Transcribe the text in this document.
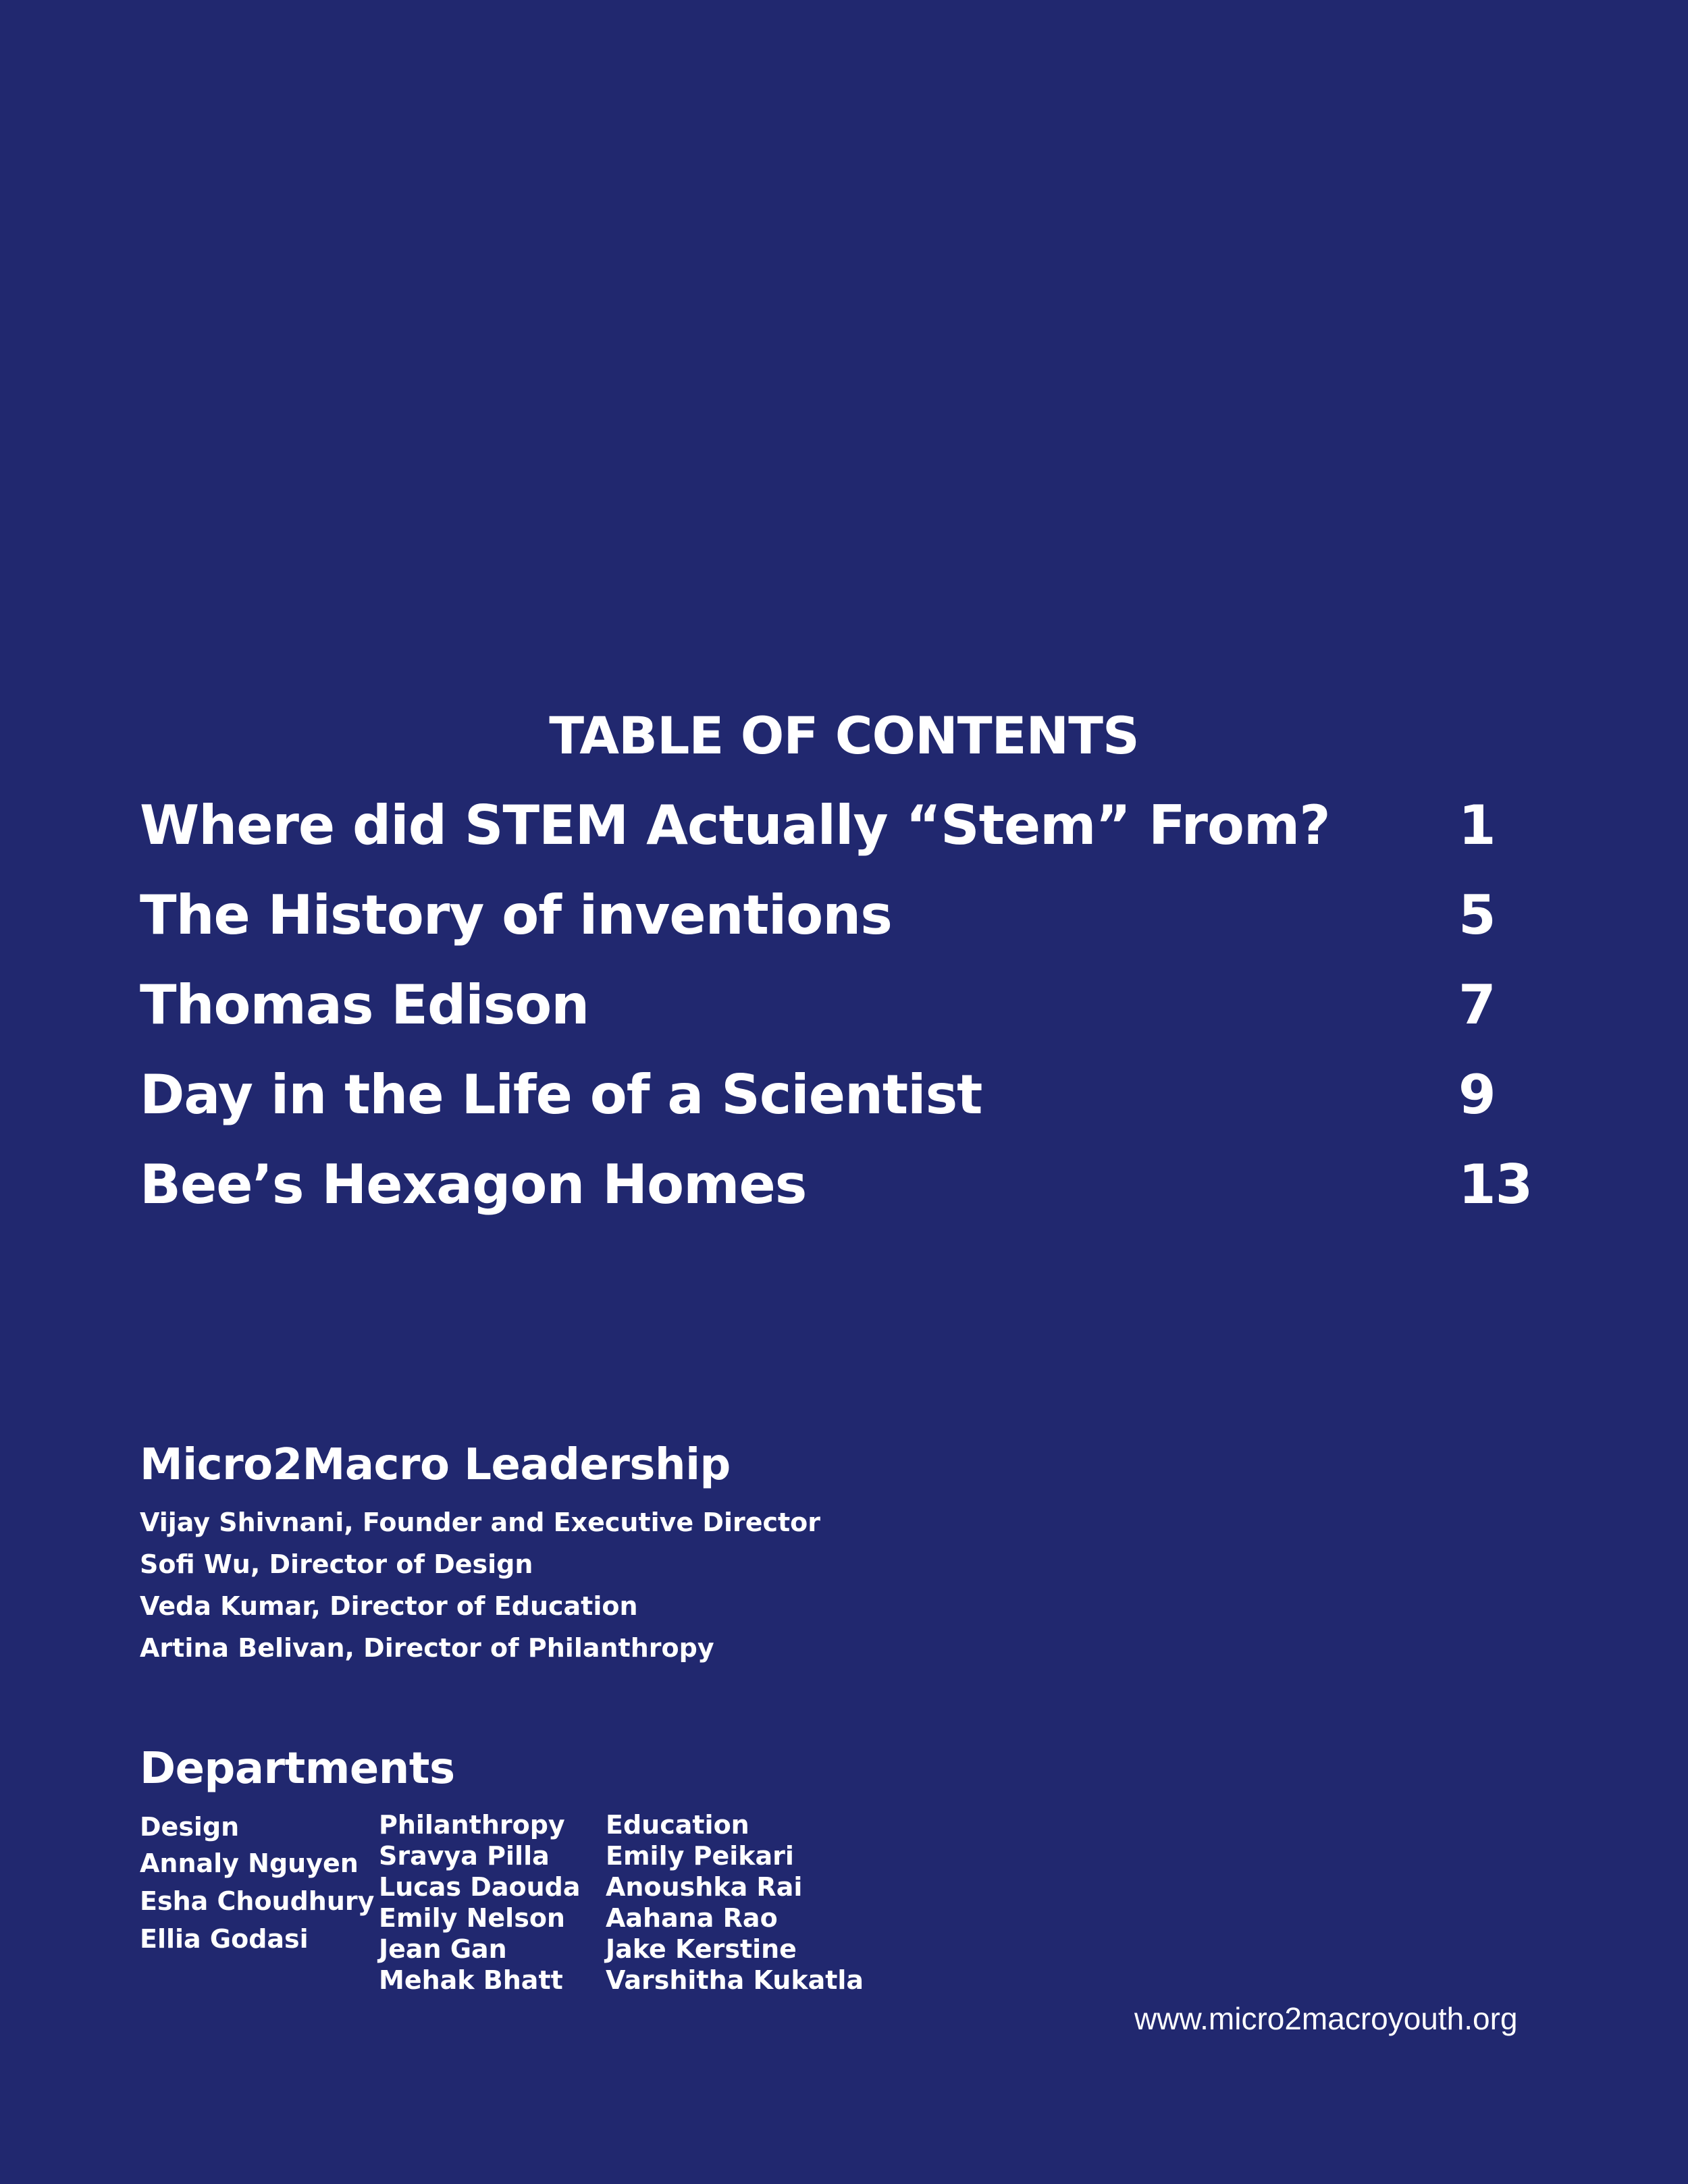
TABLE OF CONTENTS
Where did STEM Actually “Stem” From? 1
The History of inventions	5
Thomas Edison	7
Day in the Life of a Scientist	9
Bee’s Hexagon Homes	13
Micro2Macro Leadership
Vijay Shivnani, Founder and Executive Director
Sofi Wu, Director of Design
Veda Kumar, Director of Education
Artina Belivan, Director of Philanthropy
Departments
Design
Annaly Nguyen
Esha Choudhury
Ellia Godasi
Philanthropy
Sravya Pilla
Lucas Daouda
Emily Nelson
Jean Gan
Mehak Bhatt
Education
Emily Peikari
Anoushka Rai
Aahana Rao
Jake Kerstine
Varshitha Kukatla
www.micro2macroyouth.org
